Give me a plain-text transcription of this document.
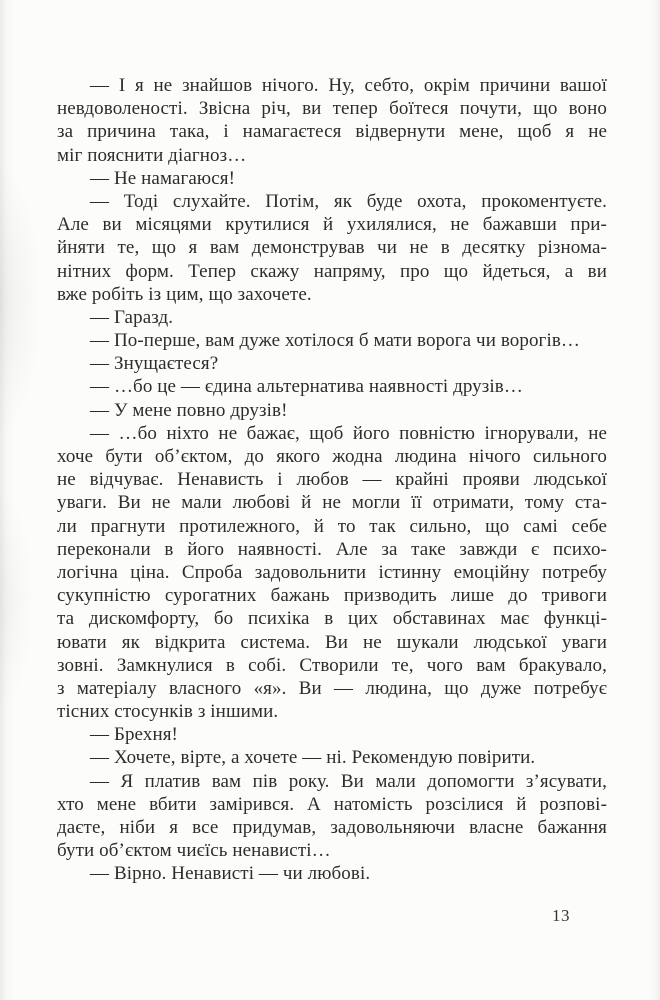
— І я не знайшов нічого. Ну, себто, окрім причини вашої
невдоволеності. Звісна річ, ви тепер боїтеся почути, що воно
за причина така, і намагаєтеся відвернути мене, щоб я не
міг пояснити діагноз…
— Не намагаюся!
— Тоді слухайте. Потім, як буде охота, прокоментуєте.
Але ви місяцями крутилися й ухилялися, не бажавши при-
йняти те, що я вам демонстрував чи не в десятку різнома-
нітних форм. Тепер скажу напряму, про що йдеться, а ви
вже робіть із цим, що захочете.
— Гаразд.
— По-перше, вам дуже хотілося б мати ворога чи ворогів…
— Знущаєтеся?
— …бо це — єдина альтернатива наявності друзів…
— У мене повно друзів!
— …бо ніхто не бажає, щоб його повністю ігнорували, не
хоче бути об’єктом, до якого жодна людина нічого сильного
не відчуває. Ненависть і любов — крайні прояви людської
уваги. Ви не мали любові й не могли її отримати, тому ста-
ли прагнути протилежного, й то так сильно, що самі себе
переконали в його наявності. Але за таке завжди є психо-
логічна ціна. Спроба задовольнити істинну емоційну потребу
сукупністю сурогатних бажань призводить лише до тривоги
та дискомфорту, бо психіка в цих обставинах має функці-
ювати як відкрита система. Ви не шукали людської уваги
зовні. Замкнулися в собі. Створили те, чого вам бракувало,
з матеріалу власного «я». Ви — людина, що дуже потребує
тісних стосунків з іншими.
— Брехня!
— Хочете, вірте, а хочете — ні. Рекомендую повірити.
— Я платив вам пів року. Ви мали допомогти з’ясувати,
хто мене вбити замірився. А натомість розсілися й розпові-
даєте, ніби я все придумав, задовольняючи власне бажання
бути об’єктом чиєїсь ненависті…
— Вірно. Ненависті — чи любові.
13
